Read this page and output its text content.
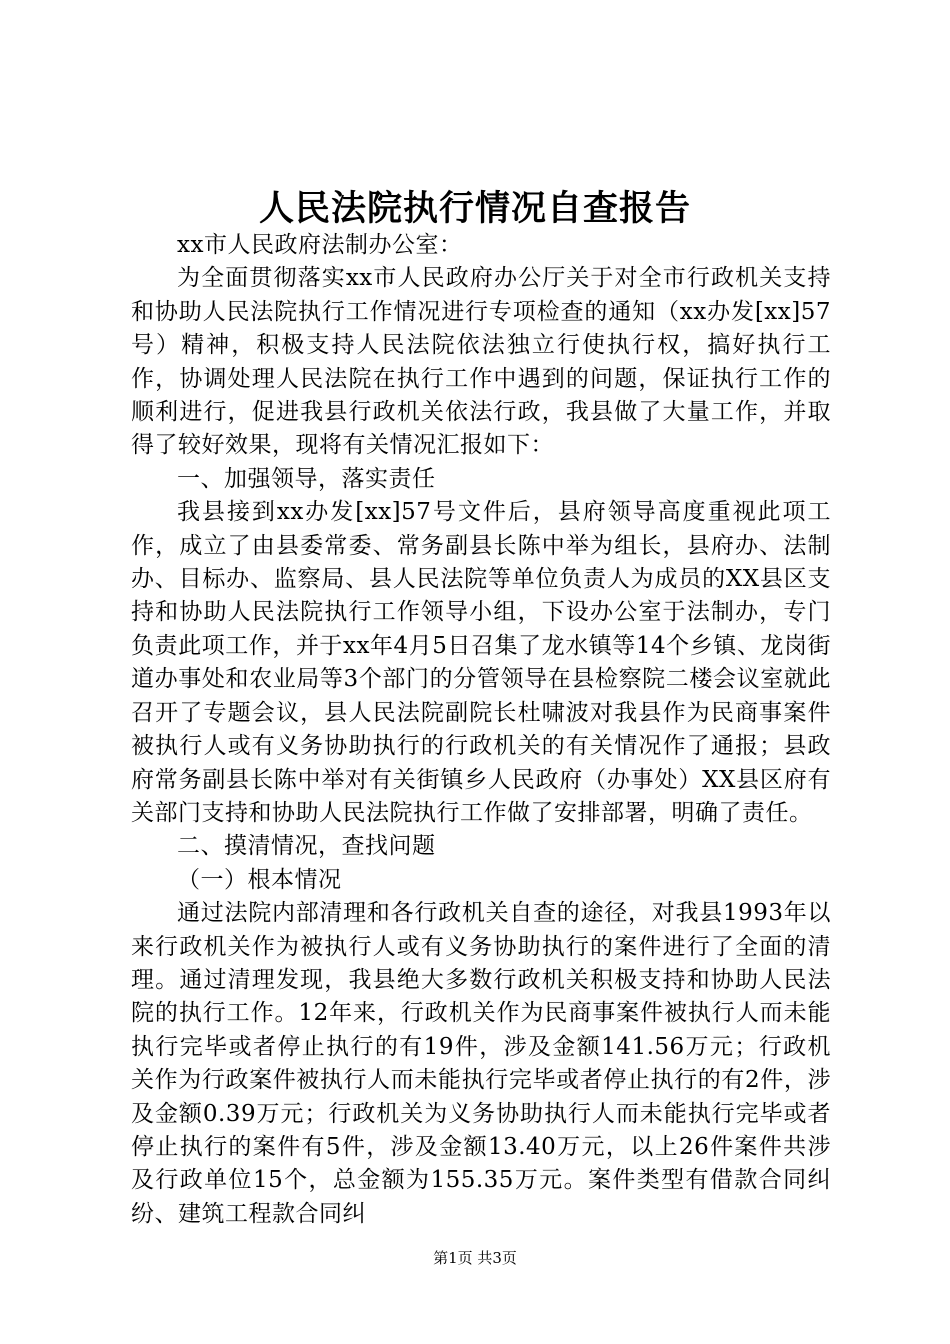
人民法院执行情况自查报告

xx市人民政府法制办公室：

为全面贯彻落实xx市人民政府办公厅关于对全市行政机关支持和协助人民法院执行工作情况进行专项检查的通知（xx办发[xx]57号）精神，积极支持人民法院依法独立行使执行权，搞好执行工作，协调处理人民法院在执行工作中遇到的问题，保证执行工作的顺利进行，促进我县行政机关依法行政，我县做了大量工作，并取得了较好效果，现将有关情况汇报如下：

一、加强领导，落实责任

我县接到xx办发[xx]57号文件后，县府领导高度重视此项工作，成立了由县委常委、常务副县长陈中举为组长，县府办、法制办、目标办、监察局、县人民法院等单位负责人为成员的XX县区支持和协助人民法院执行工作领导小组，下设办公室于法制办，专门负责此项工作，并于xx年4月5日召集了龙水镇等14个乡镇、龙岗街道办事处和农业局等3个部门的分管领导在县检察院二楼会议室就此召开了专题会议，县人民法院副院长杜啸波对我县作为民商事案件被执行人或有义务协助执行的行政机关的有关情况作了通报；县政府常务副县长陈中举对有关街镇乡人民政府（办事处）XX县区府有关部门支持和协助人民法院执行工作做了安排部署，明确了责任。

二、摸清情况，查找问题

（一）根本情况

通过法院内部清理和各行政机关自查的途径，对我县1993年以来行政机关作为被执行人或有义务协助执行的案件进行了全面的清理。通过清理发现，我县绝大多数行政机关积极支持和协助人民法院的执行工作。12年来，行政机关作为民商事案件被执行人而未能执行完毕或者停止执行的有19件，涉及金额141.56万元；行政机关作为行政案件被执行人而未能执行完毕或者停止执行的有2件，涉及金额0.39万元；行政机关为义务协助执行人而未能执行完毕或者停止执行的案件有5件，涉及金额13.40万元，以上26件案件共涉及行政单位15个，总金额为155.35万元。案件类型有借款合同纠纷、建筑工程款合同纠

第1页 共3页
